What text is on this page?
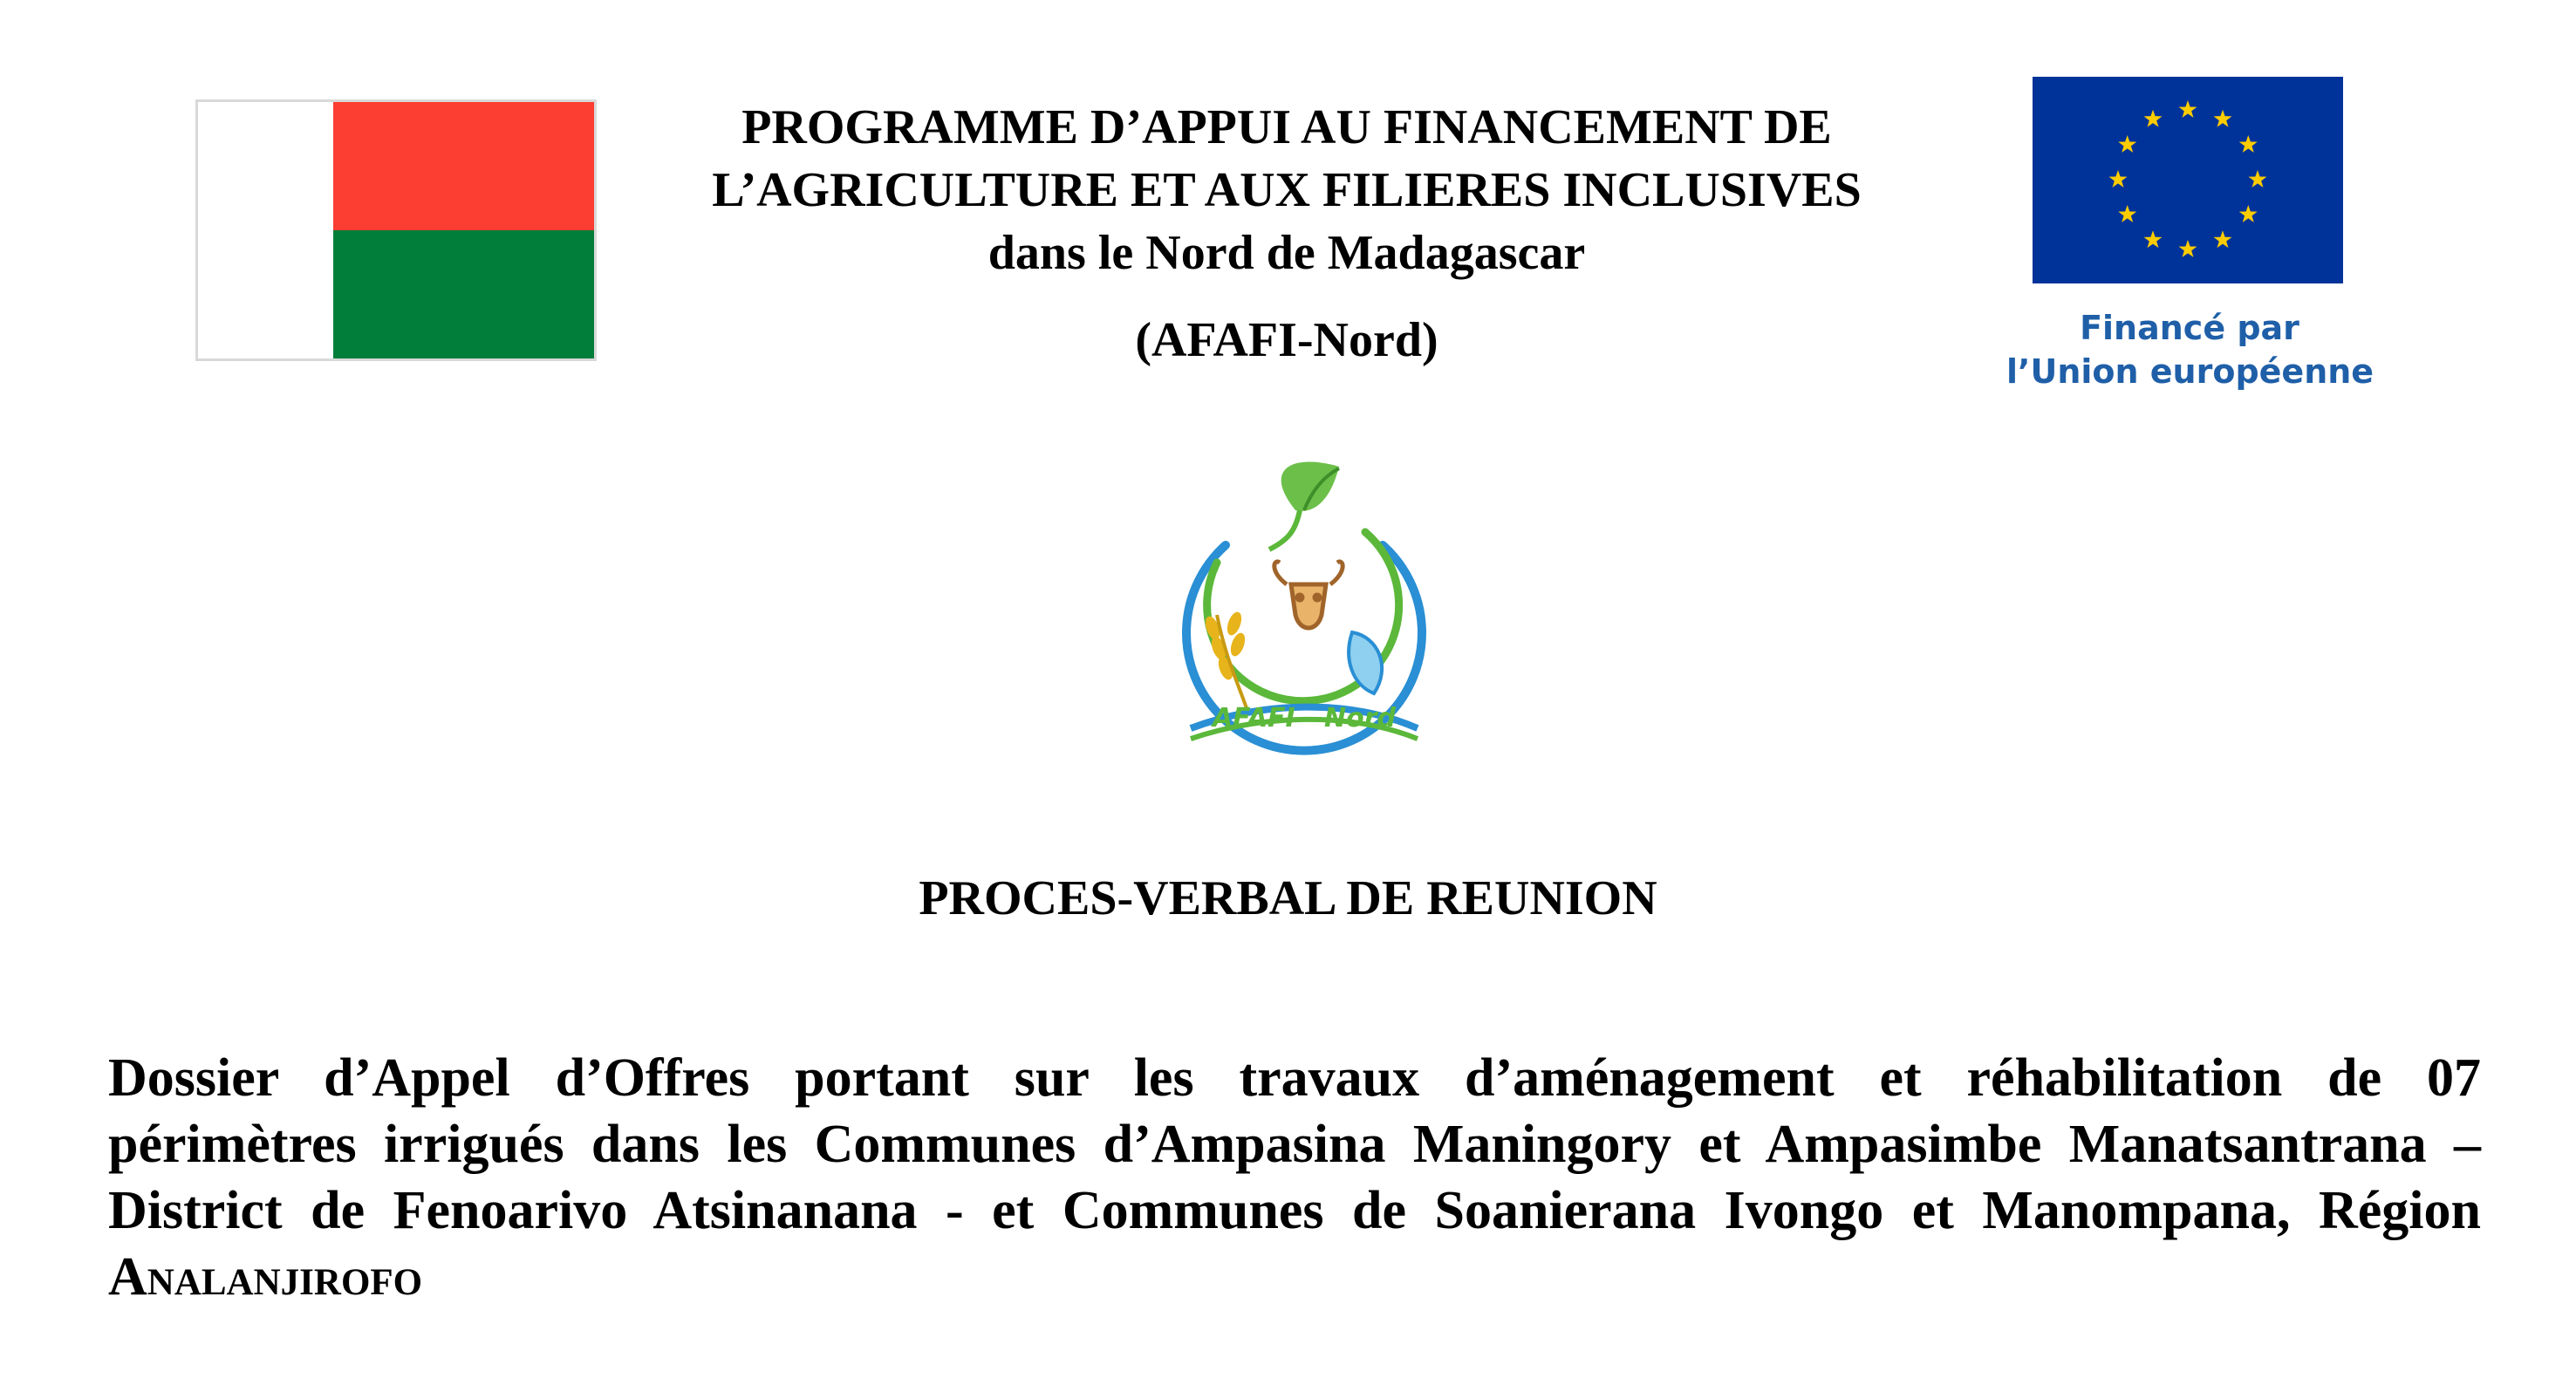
PROGRAMME D’APPUI AU FINANCEMENT DE
L’AGRICULTURE ET AUX FILIERES INCLUSIVES
dans le Nord de Madagascar
(AFAFI-Nord)	Financé par
l’Union européenne
AFAFI - Nord
PROCES-VERBAL DE REUNION
Dossier d’Appel d’Offres portant sur les travaux d’aménagement et réhabilitation de 07
périmètres irrigués dans les Communes d’Ampasina Maningory et Ampasimbe Manatsantrana –
District de Fenoarivo Atsinanana - et Communes de Soanierana Ivongo et Manompana, Région
Analanjirofo
